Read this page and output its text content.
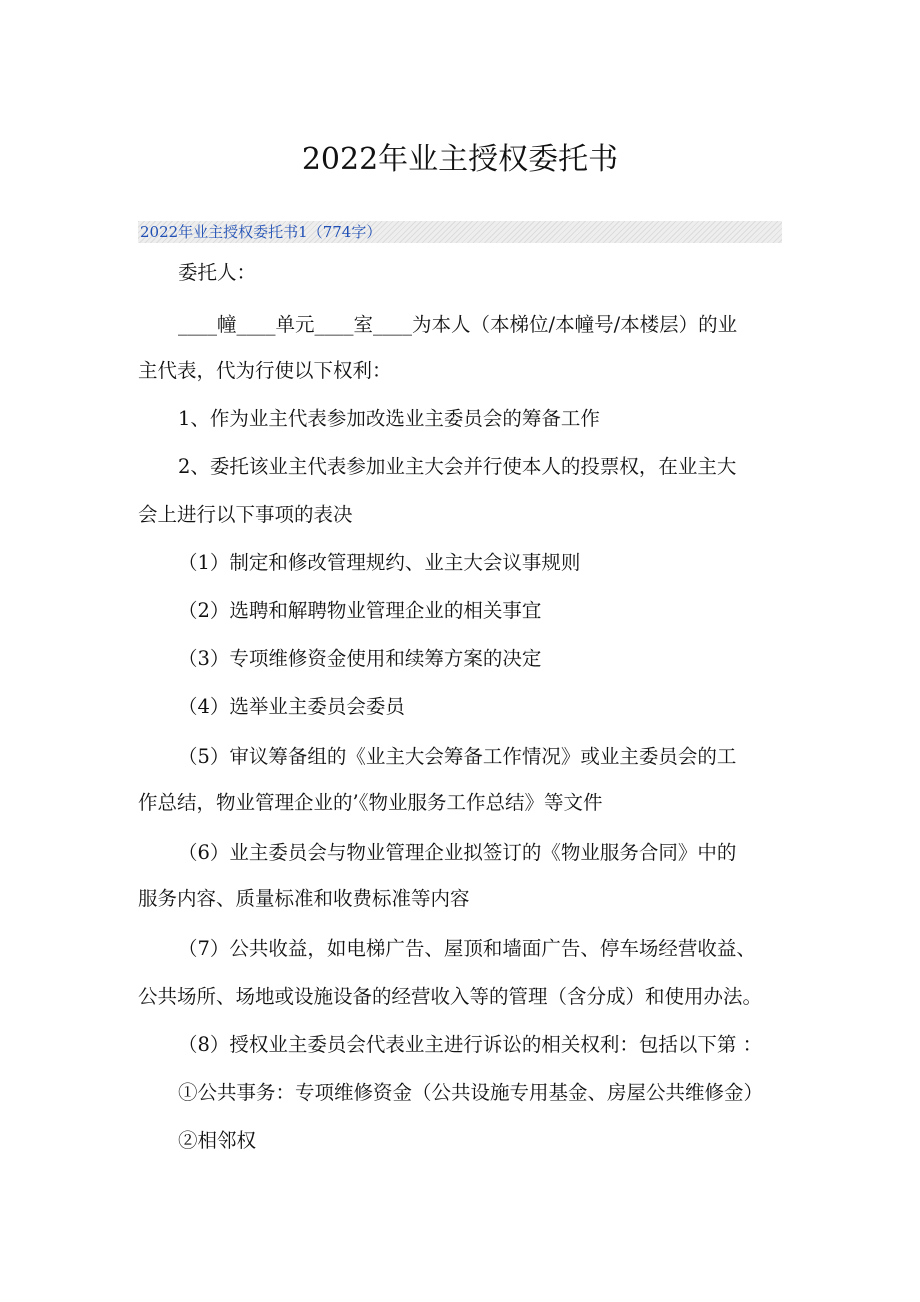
2022年业主授权委托书
2022年业主授权委托书1（774字）
委托人：
____幢____单元____室____为本人（本梯位/本幢号/本楼层）的业
主代表，代为行使以下权利：
1、作为业主代表参加改选业主委员会的筹备工作
2、委托该业主代表参加业主大会并行使本人的投票权，在业主大
会上进行以下事项的表决
（1）制定和修改管理规约、业主大会议事规则
（2）选聘和解聘物业管理企业的相关事宜
（3）专项维修资金使用和续筹方案的决定
（4）选举业主委员会委员
（5）审议筹备组的《业主大会筹备工作情况》或业主委员会的工
作总结，物业管理企业的’《物业服务工作总结》等文件
（6）业主委员会与物业管理企业拟签订的《物业服务合同》中的
服务内容、质量标准和收费标准等内容
（7）公共收益，如电梯广告、屋顶和墙面广告、停车场经营收益、
公共场所、场地或设施设备的经营收入等的管理（含分成）和使用办法。
（8）授权业主委员会代表业主进行诉讼的相关权利：包括以下第 ：
①公共事务：专项维修资金（公共设施专用基金、房屋公共维修金）
②相邻权
